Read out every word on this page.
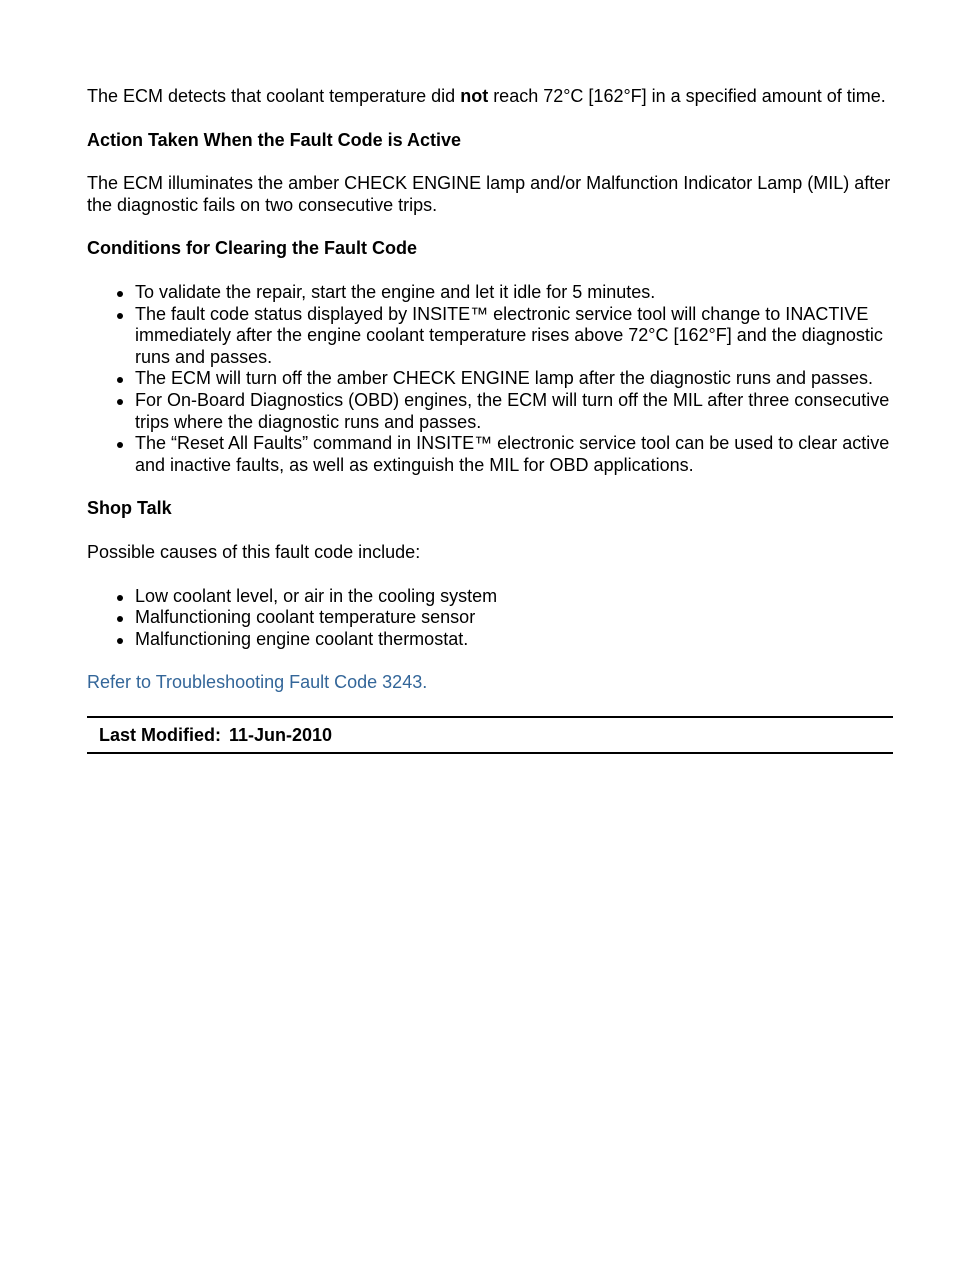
The ECM detects that coolant temperature did not reach 72°C [162°F] in a specified amount of time.

Action Taken When the Fault Code is Active

The ECM illuminates the amber CHECK ENGINE lamp and/or Malfunction Indicator Lamp (MIL) after the diagnostic fails on two consecutive trips.

Conditions for Clearing the Fault Code
To validate the repair, start the engine and let it idle for 5 minutes.
The fault code status displayed by INSITE™ electronic service tool will change to INACTIVE immediately after the engine coolant temperature rises above 72°C [162°F] and the diagnostic runs and passes.
The ECM will turn off the amber CHECK ENGINE lamp after the diagnostic runs and passes.
For On-Board Diagnostics (OBD) engines, the ECM will turn off the MIL after three consecutive trips where the diagnostic runs and passes.
The “Reset All Faults” command in INSITE™ electronic service tool can be used to clear active and inactive faults, as well as extinguish the MIL for OBD applications.
Shop Talk

Possible causes of this fault code include:

Low coolant level, or air in the cooling system
Malfunctioning coolant temperature sensor
Malfunctioning engine coolant thermostat.

Refer to Troubleshooting Fault Code 3243.

Last Modified: 11-Jun-2010
